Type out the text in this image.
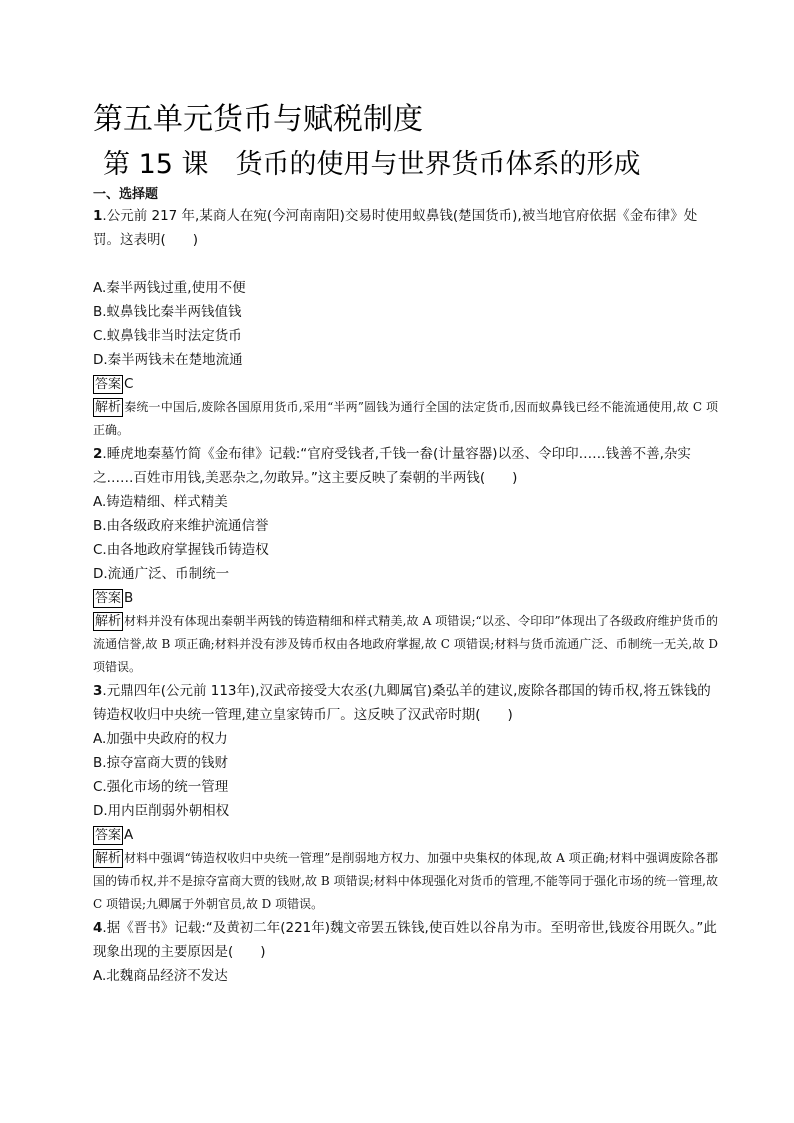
第五单元货币与赋税制度
第 15 课　货币的使用与世界货币体系的形成
一、选择题

1.公元前 217 年,某商人在宛(今河南南阳)交易时使用蚁鼻钱(楚国货币),被当地官府依据《金布律》处罚。这表明(　　)

A.秦半两钱过重,使用不便

B.蚁鼻钱比秦半两钱值钱

C.蚁鼻钱非当时法定货币

D.秦半两钱未在楚地流通

答案 C

解析 秦统一中国后,废除各国原用货币,采用“半两”圆钱为通行全国的法定货币,因而蚁鼻钱已经不能流通使用,故 C 项正确。

2.睡虎地秦墓竹简《金布律》记载:“官府受钱者,千钱一畚(计量容器)以丞、令印印……钱善不善,杂实之……百姓市用钱,美恶杂之,勿敢异。”这主要反映了秦朝的半两钱(　　)

A.铸造精细、样式精美

B.由各级政府来维护流通信誉

C.由各地政府掌握钱币铸造权

D.流通广泛、币制统一

答案 B

解析 材料并没有体现出秦朝半两钱的铸造精细和样式精美,故 A 项错误;“以丞、令印印”体现出了各级政府维护货币的流通信誉,故 B 项正确;材料并没有涉及铸币权由各地政府掌握,故 C 项错误;材料与货币流通广泛、币制统一无关,故 D 项错误。

3.元鼎四年(公元前 113年),汉武帝接受大农丞(九卿属官)桑弘羊的建议,废除各郡国的铸币权,将五铢钱的铸造权收归中央统一管理,建立皇家铸币厂。这反映了汉武帝时期(　　)

A.加强中央政府的权力

B.掠夺富商大贾的钱财

C.强化市场的统一管理

D.用内臣削弱外朝相权

答案 A

解析 材料中强调“铸造权收归中央统一管理”是削弱地方权力、加强中央集权的体现,故 A 项正确;材料中强调废除各郡国的铸币权,并不是掠夺富商大贾的钱财,故 B 项错误;材料中体现强化对货币的管理,不能等同于强化市场的统一管理,故 C 项错误;九卿属于外朝官员,故 D 项错误。

4.据《晋书》记载:“及黄初二年(221年)魏文帝罢五铢钱,使百姓以谷帛为市。至明帝世,钱废谷用既久。”此现象出现的主要原因是(　　)

A.北魏商品经济不发达
